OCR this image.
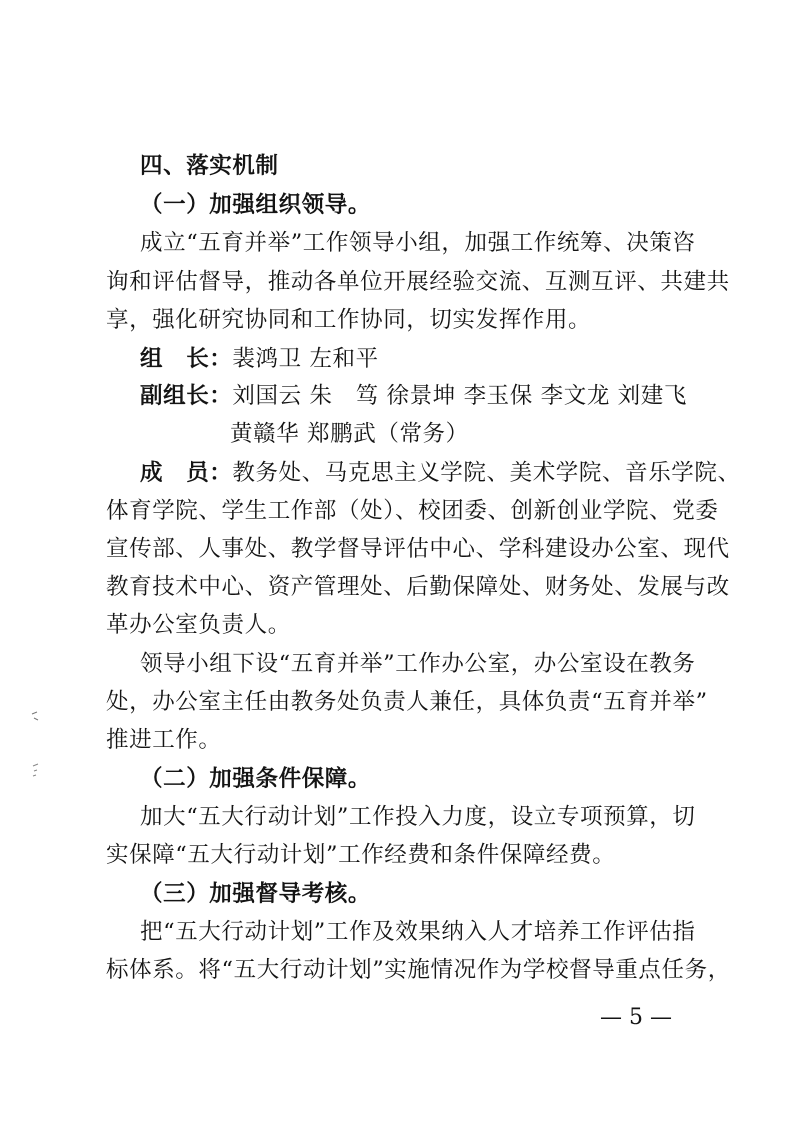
四、落实机制
（一）加强组织领导。
成立“五育并举”工作领导小组，加强工作统筹、决策咨
询和评估督导，推动各单位开展经验交流、互测互评、共建共
享，强化研究协同和工作协同，切实发挥作用。
组　长：裴鸿卫 左和平
副组长：刘国云 朱　笃 徐景坤 李玉保 李文龙 刘建飞
黄赣华 郑鹏武（常务）
成　员：教务处、马克思主义学院、美术学院、音乐学院、
体育学院、学生工作部（处）、校团委、创新创业学院、党委
宣传部、人事处、教学督导评估中心、学科建设办公室、现代
教育技术中心、资产管理处、后勤保障处、财务处、发展与改
革办公室负责人。
领导小组下设“五育并举”工作办公室，办公室设在教务
处，办公室主任由教务处负责人兼任，具体负责“五育并举”
推进工作。
（二）加强条件保障。
加大“五大行动计划”工作投入力度，设立专项预算，切
实保障“五大行动计划”工作经费和条件保障经费。
（三）加强督导考核。
把“五大行动计划”工作及效果纳入人才培养工作评估指
标体系。将“五大行动计划”实施情况作为学校督导重点任务，
— 5 —
